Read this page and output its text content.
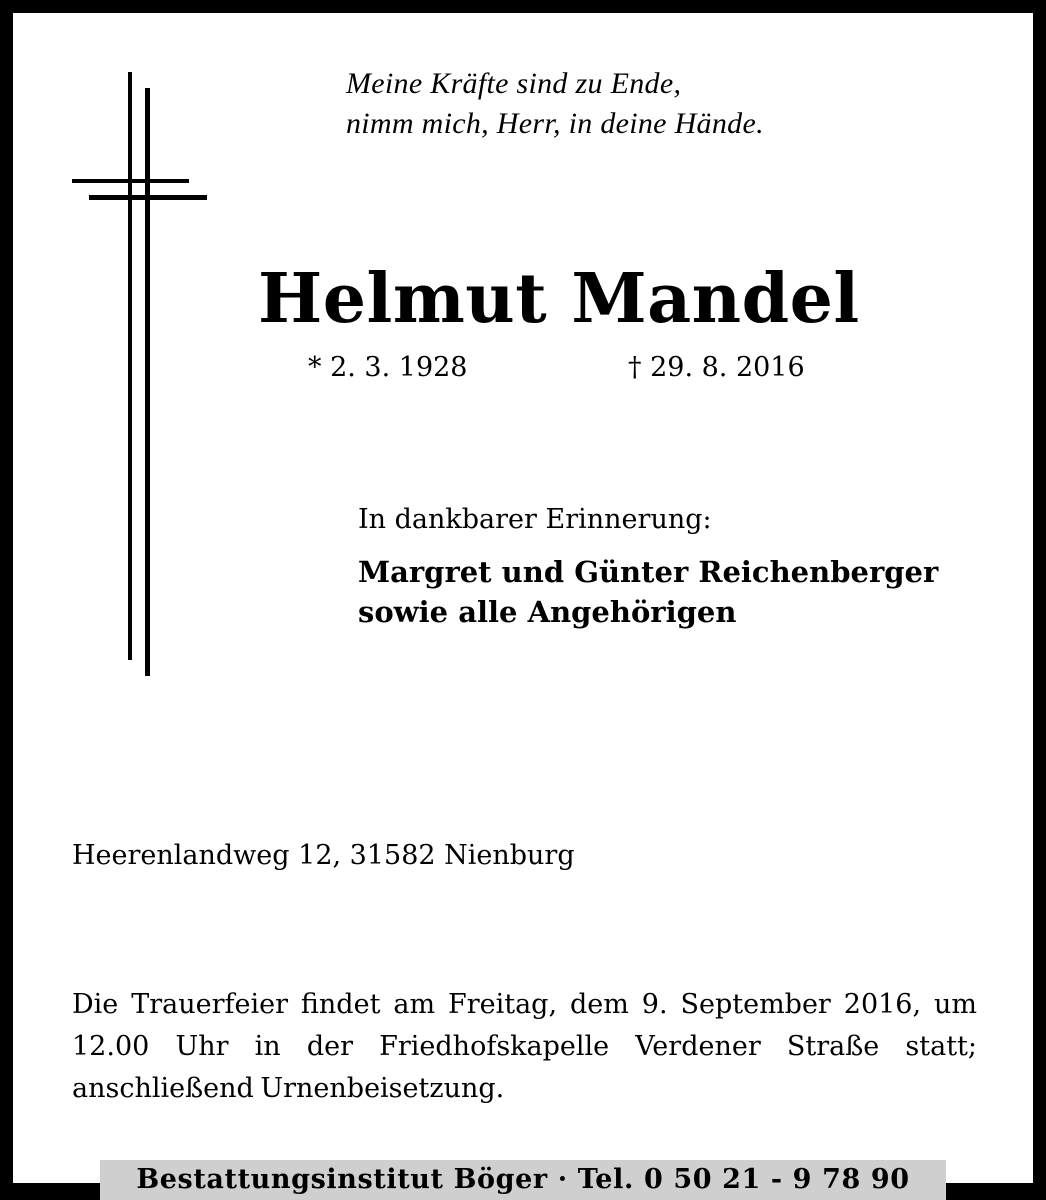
Meine Kräfte sind zu Ende,
nimm mich, Herr, in deine Hände.
Helmut Mandel
* 2. 3. 1928	† 29. 8. 2016
In dankbarer Erinnerung:
Margret und Günter Reichenberger
sowie alle Angehörigen
Heerenlandweg 12, 31582 Nienburg
Die Trauerfeier findet am Freitag, dem 9. September 2016, um 12.00 Uhr in der Friedhofskapelle Verdener Straße statt; anschließend Urnenbeisetzung.
Bestattungsinstitut Böger · Tel. 0 50 21 - 9 78 90
